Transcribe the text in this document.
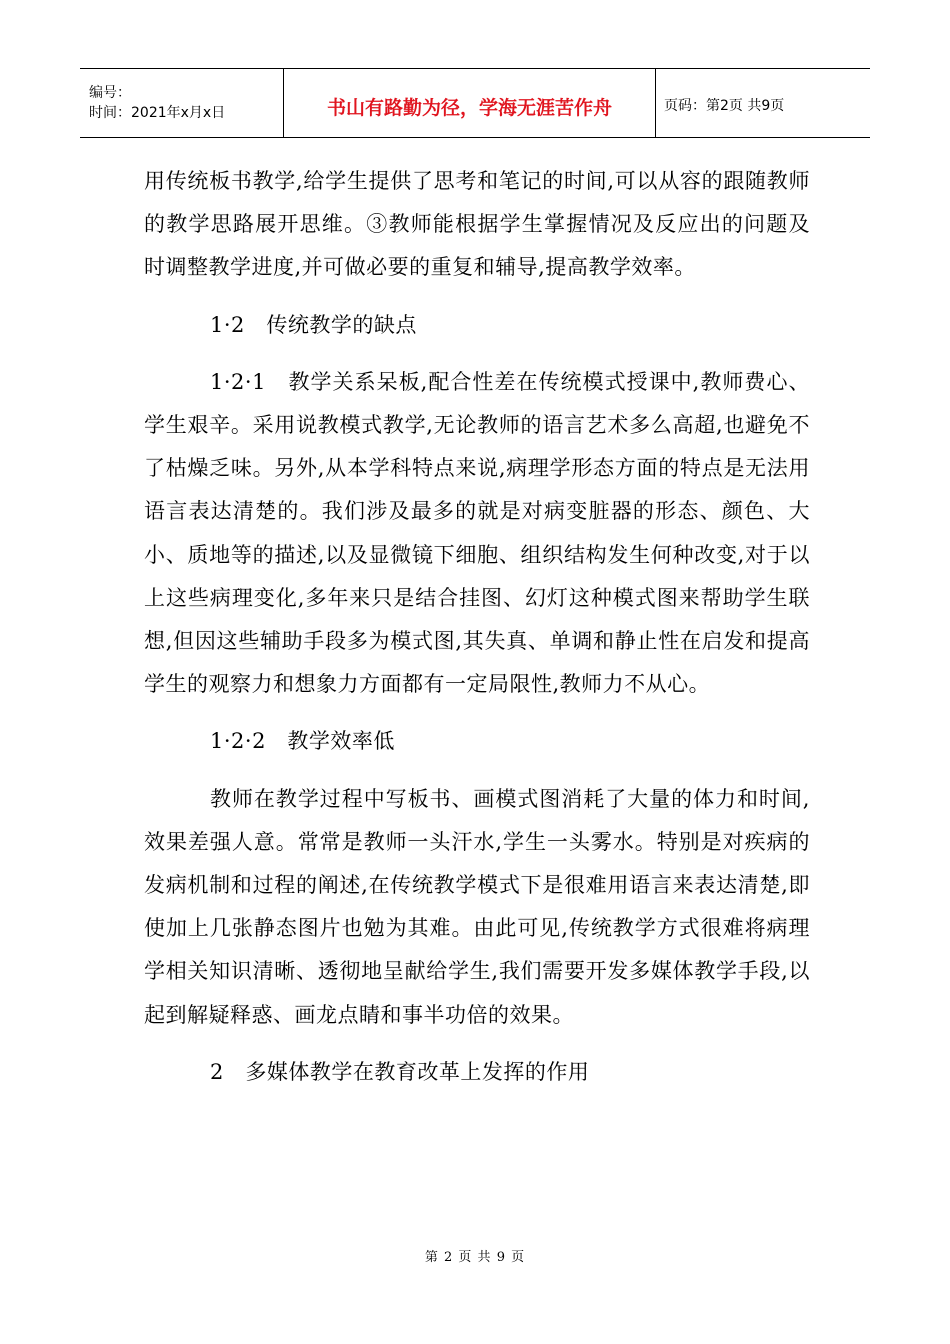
编号：
时间：2021年x月x日	书山有路勤为径，学海无涯苦作舟	页码：第2页 共9页

用传统板书教学,给学生提供了思考和笔记的时间,可以从容的跟随教师的教学思路展开思维。③教师能根据学生掌握情况及反应出的问题及时调整教学进度,并可做必要的重复和辅导,提高教学效率。

1·2　传统教学的缺点

1·2·1　教学关系呆板,配合性差在传统模式授课中,教师费心、学生艰辛。采用说教模式教学,无论教师的语言艺术多么高超,也避免不了枯燥乏味。另外,从本学科特点来说,病理学形态方面的特点是无法用语言表达清楚的。我们涉及最多的就是对病变脏器的形态、颜色、大小、质地等的描述,以及显微镜下细胞、组织结构发生何种改变,对于以上这些病理变化,多年来只是结合挂图、幻灯这种模式图来帮助学生联想,但因这些辅助手段多为模式图,其失真、单调和静止性在启发和提高学生的观察力和想象力方面都有一定局限性,教师力不从心。

1·2·2　教学效率低

教师在教学过程中写板书、画模式图消耗了大量的体力和时间,效果差强人意。常常是教师一头汗水,学生一头雾水。特别是对疾病的发病机制和过程的阐述,在传统教学模式下是很难用语言来表达清楚,即使加上几张静态图片也勉为其难。由此可见,传统教学方式很难将病理学相关知识清晰、透彻地呈献给学生,我们需要开发多媒体教学手段,以起到解疑释惑、画龙点睛和事半功倍的效果。

2　多媒体教学在教育改革上发挥的作用

第 2 页 共 9 页
